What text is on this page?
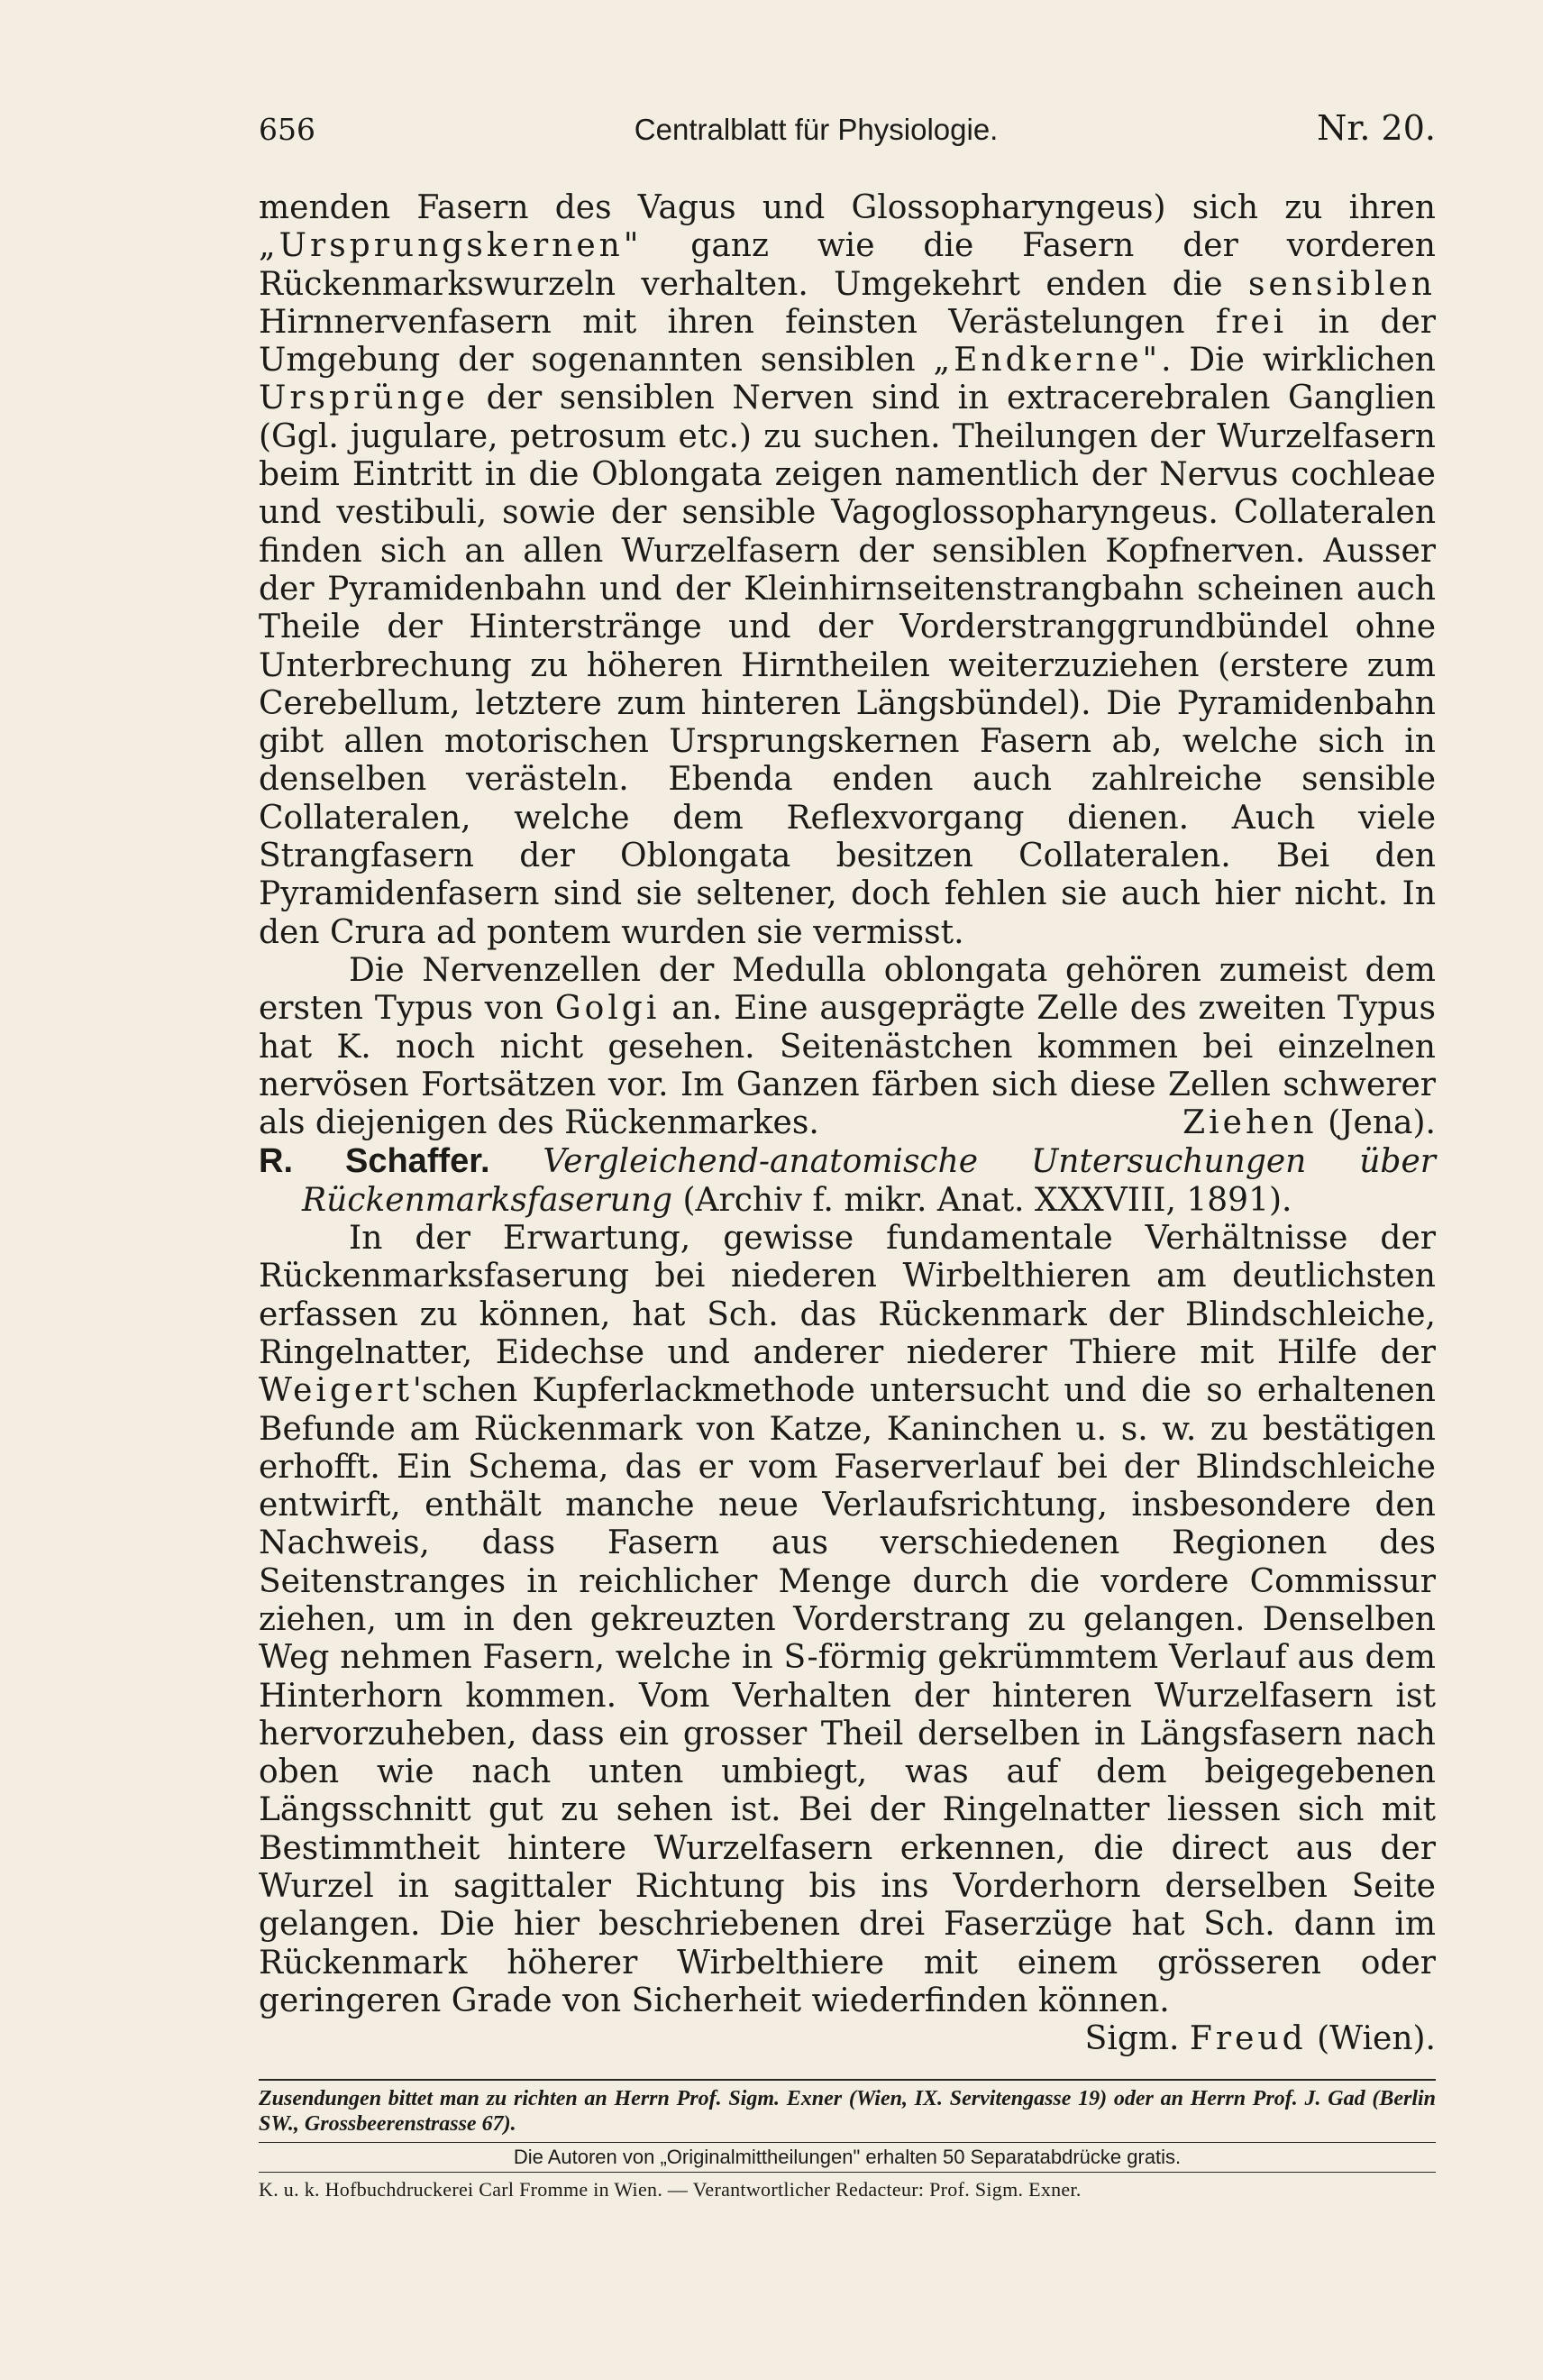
656	Centralblatt für Physiologie.	Nr. 20.

menden Fasern des Vagus und Glossopharyngeus) sich zu ihren „Ursprungskernen" ganz wie die Fasern der vorderen Rückenmarkswurzeln verhalten. Umgekehrt enden die sensiblen Hirnnervenfasern mit ihren feinsten Verästelungen frei in der Umgebung der sogenannten sensiblen „Endkerne". Die wirklichen Ursprünge der sensiblen Nerven sind in extracerebralen Ganglien (Ggl. jugulare, petrosum etc.) zu suchen. Theilungen der Wurzelfasern beim Eintritt in die Oblongata zeigen namentlich der Nervus cochleae und vestibuli, sowie der sensible Vagoglossopharyngeus. Collateralen finden sich an allen Wurzelfasern der sensiblen Kopfnerven. Ausser der Pyramidenbahn und der Kleinhirnseitenstrangbahn scheinen auch Theile der Hinterstränge und der Vorderstranggrundbündel ohne Unterbrechung zu höheren Hirntheilen weiterzuziehen (erstere zum Cerebellum, letztere zum hinteren Längsbündel). Die Pyramidenbahn gibt allen motorischen Ursprungskernen Fasern ab, welche sich in denselben verästeln. Ebenda enden auch zahlreiche sensible Collateralen, welche dem Reflexvorgang dienen. Auch viele Strangfasern der Oblongata besitzen Collateralen. Bei den Pyramidenfasern sind sie seltener, doch fehlen sie auch hier nicht. In den Crura ad pontem wurden sie vermisst.

Die Nervenzellen der Medulla oblongata gehören zumeist dem ersten Typus von Golgi an. Eine ausgeprägte Zelle des zweiten Typus hat K. noch nicht gesehen. Seitenästchen kommen bei einzelnen nervösen Fortsätzen vor. Im Ganzen färben sich diese Zellen schwerer als diejenigen des Rückenmarkes.	Ziehen (Jena).

R. Schaffer. Vergleichend-anatomische Untersuchungen über Rückenmarksfaserung (Archiv f. mikr. Anat. XXXVIII, 1891).

In der Erwartung, gewisse fundamentale Verhältnisse der Rückenmarksfaserung bei niederen Wirbelthieren am deutlichsten erfassen zu können, hat Sch. das Rückenmark der Blindschleiche, Ringelnatter, Eidechse und anderer niederer Thiere mit Hilfe der Weigert'schen Kupferlackmethode untersucht und die so erhaltenen Befunde am Rückenmark von Katze, Kaninchen u. s. w. zu bestätigen erhofft. Ein Schema, das er vom Faserverlauf bei der Blindschleiche entwirft, enthält manche neue Verlaufsrichtung, insbesondere den Nachweis, dass Fasern aus verschiedenen Regionen des Seitenstranges in reichlicher Menge durch die vordere Commissur ziehen, um in den gekreuzten Vorderstrang zu gelangen. Denselben Weg nehmen Fasern, welche in S-förmig gekrümmtem Verlauf aus dem Hinterhorn kommen. Vom Verhalten der hinteren Wurzelfasern ist hervorzuheben, dass ein grosser Theil derselben in Längsfasern nach oben wie nach unten umbiegt, was auf dem beigegebenen Längsschnitt gut zu sehen ist. Bei der Ringelnatter liessen sich mit Bestimmtheit hintere Wurzelfasern erkennen, die direct aus der Wurzel in sagittaler Richtung bis ins Vorderhorn derselben Seite gelangen. Die hier beschriebenen drei Faserzüge hat Sch. dann im Rückenmark höherer Wirbelthiere mit einem grösseren oder geringeren Grade von Sicherheit wiederfinden können.
Sigm. Freud (Wien).

Zusendungen bittet man zu richten an Herrn Prof. Sigm. Exner (Wien, IX. Servitengasse 19) oder an Herrn Prof. J. Gad (Berlin SW., Grossbeerenstrasse 67).
Die Autoren von „Originalmittheilungen" erhalten 50 Separatabdrücke gratis.
K. u. k. Hofbuchdruckerei Carl Fromme in Wien. — Verantwortlicher Redacteur: Prof. Sigm. Exner.
